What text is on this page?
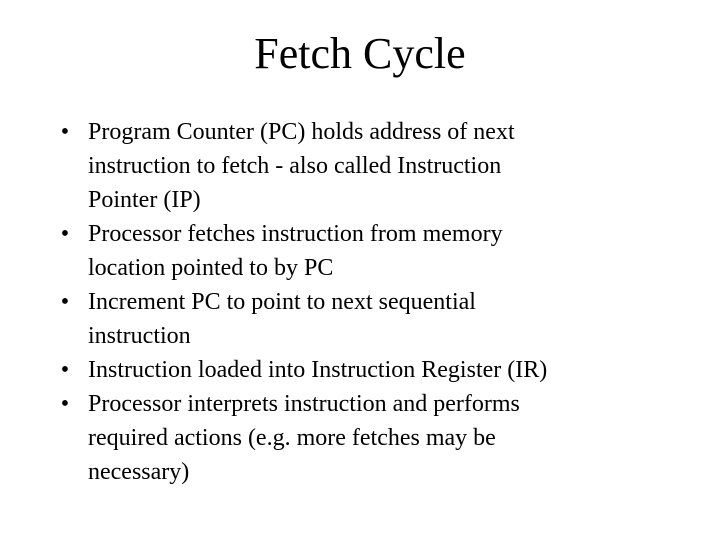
Fetch Cycle
• Program Counter (PC) holds address of next
instruction to fetch - also called Instruction
Pointer (IP)
• Processor fetches instruction from memory
location pointed to by PC
• Increment PC to point to next sequential
instruction
• Instruction loaded into Instruction Register (IR)
• Processor interprets instruction and performs
required actions (e.g. more fetches may be
necessary)
